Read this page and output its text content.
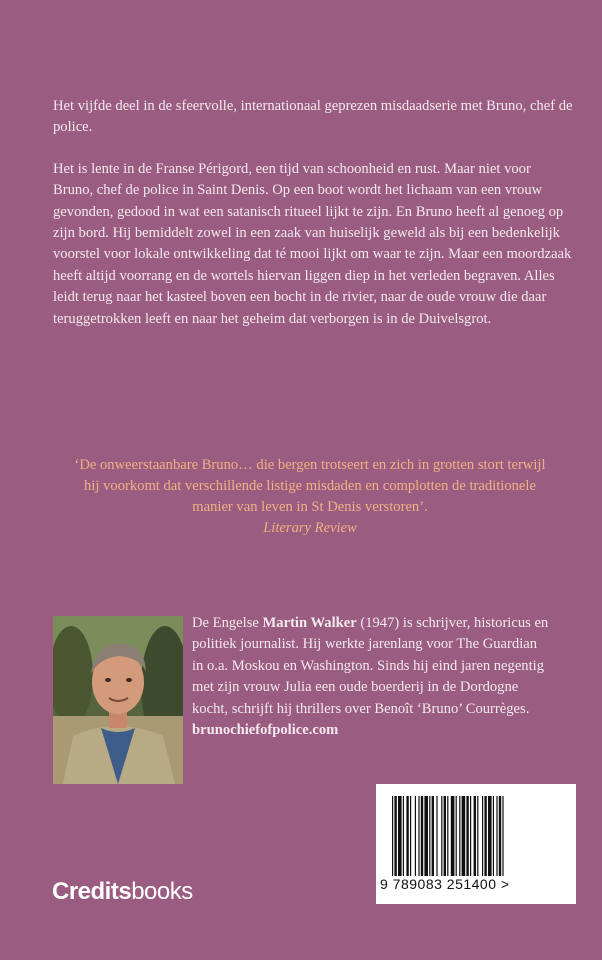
Het vijfde deel in de sfeervolle, internationaal geprezen misdaadserie met Bruno, chef de police.

Het is lente in de Franse Périgord, een tijd van schoonheid en rust. Maar niet voor Bruno, chef de police in Saint Denis. Op een boot wordt het lichaam van een vrouw gevonden, gedood in wat een satanisch ritueel lijkt te zijn. En Bruno heeft al genoeg op zijn bord. Hij bemiddelt zowel in een zaak van huiselijk geweld als bij een bedenkelijk voorstel voor lokale ontwikkeling dat té mooi lijkt om waar te zijn. Maar een moordzaak heeft altijd voorrang en de wortels hiervan liggen diep in het verleden begraven. Alles leidt terug naar het kasteel boven een bocht in de rivier, naar de oude vrouw die daar teruggetrokken leeft en naar het geheim dat verborgen is in de Duivelsgrot.

‘De onweerstaanbare Bruno… die bergen trotseert en zich in grotten stort terwijl hij voorkomt dat verschillende listige misdaden en complotten de traditionele manier van leven in St Denis verstoren’.
Literary Review
De Engelse Martin Walker (1947) is schrijver, historicus en politiek journalist. Hij werkte jarenlang voor The Guardian in o.a. Moskou en Washington. Sinds hij eind jaren negentig met zijn vrouw Julia een oude boerderij in de Dordogne kocht, schrijft hij thrillers over Benoît ‘Bruno’ Courrèges.
brunochiefofpolice.com
9 789083 251400 >
Creditsbooks
